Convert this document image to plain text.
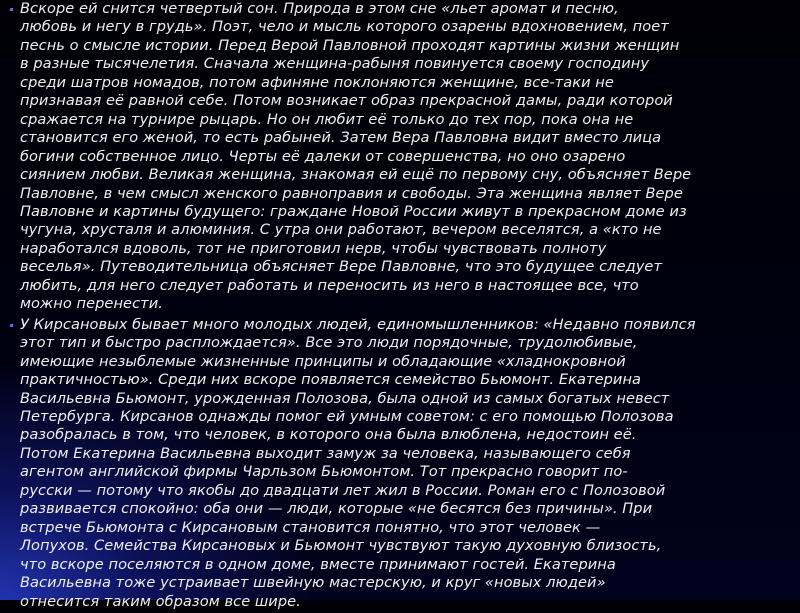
Вскоре ей снится четвертый сон. Природа в этом сне «льет аромат и песню,
любовь и негу в грудь». Поэт, чело и мысль которого озарены вдохновением, поет
песнь о смысле истории. Перед Верой Павловной проходят картины жизни женщин
в разные тысячелетия. Сначала женщина-рабыня повинуется своему господину
среди шатров номадов, потом афиняне поклоняются женщине, все-таки не
признавая её равной себе. Потом возникает образ прекрасной дамы, ради которой
сражается на турнире рыцарь. Но он любит её только до тех пор, пока она не
становится его женой, то есть рабыней. Затем Вера Павловна видит вместо лица
богини собственное лицо. Черты её далеки от совершенства, но оно озарено
сиянием любви. Великая женщина, знакомая ей ещё по первому сну, объясняет Вере
Павловне, в чем смысл женского равноправия и свободы. Эта женщина являет Вере
Павловне и картины будущего: граждане Новой России живут в прекрасном доме из
чугуна, хрусталя и алюминия. С утра они работают, вечером веселятся, а «кто не
наработался вдоволь, тот не приготовил нерв, чтобы чувствовать полноту
веселья». Путеводительница объясняет Вере Павловне, что это будущее следует
любить, для него следует работать и переносить из него в настоящее все, что
можно перенести.
У Кирсановых бывает много молодых людей, единомышленников: «Недавно появился
этот тип и быстро расплождается». Все это люди порядочные, трудолюбивые,
имеющие незыблемые жизненные принципы и обладающие «хладнокровной
практичностью». Среди них вскоре появляется семейство Бьюмонт. Екатерина
Васильевна Бьюмонт, урожденная Полозова, была одной из самых богатых невест
Петербурга. Кирсанов однажды помог ей умным советом: с его помощью Полозова
разобралась в том, что человек, в которого она была влюблена, недостоин её.
Потом Екатерина Васильевна выходит замуж за человека, называющего себя
агентом английской фирмы Чарльзом Бьюмонтом. Тот прекрасно говорит по-
русски — потому что якобы до двадцати лет жил в России. Роман его с Полозовой
развивается спокойно: оба они — люди, которые «не бесятся без причины». При
встрече Бьюмонта с Кирсановым становится понятно, что этот человек —
Лопухов. Семейства Кирсановых и Бьюмонт чувствуют такую духовную близость,
что вскоре поселяются в одном доме, вместе принимают гостей. Екатерина
Васильевна тоже устраивает швейную мастерскую, и круг «новых людей»
отнесится таким образом все шире.
